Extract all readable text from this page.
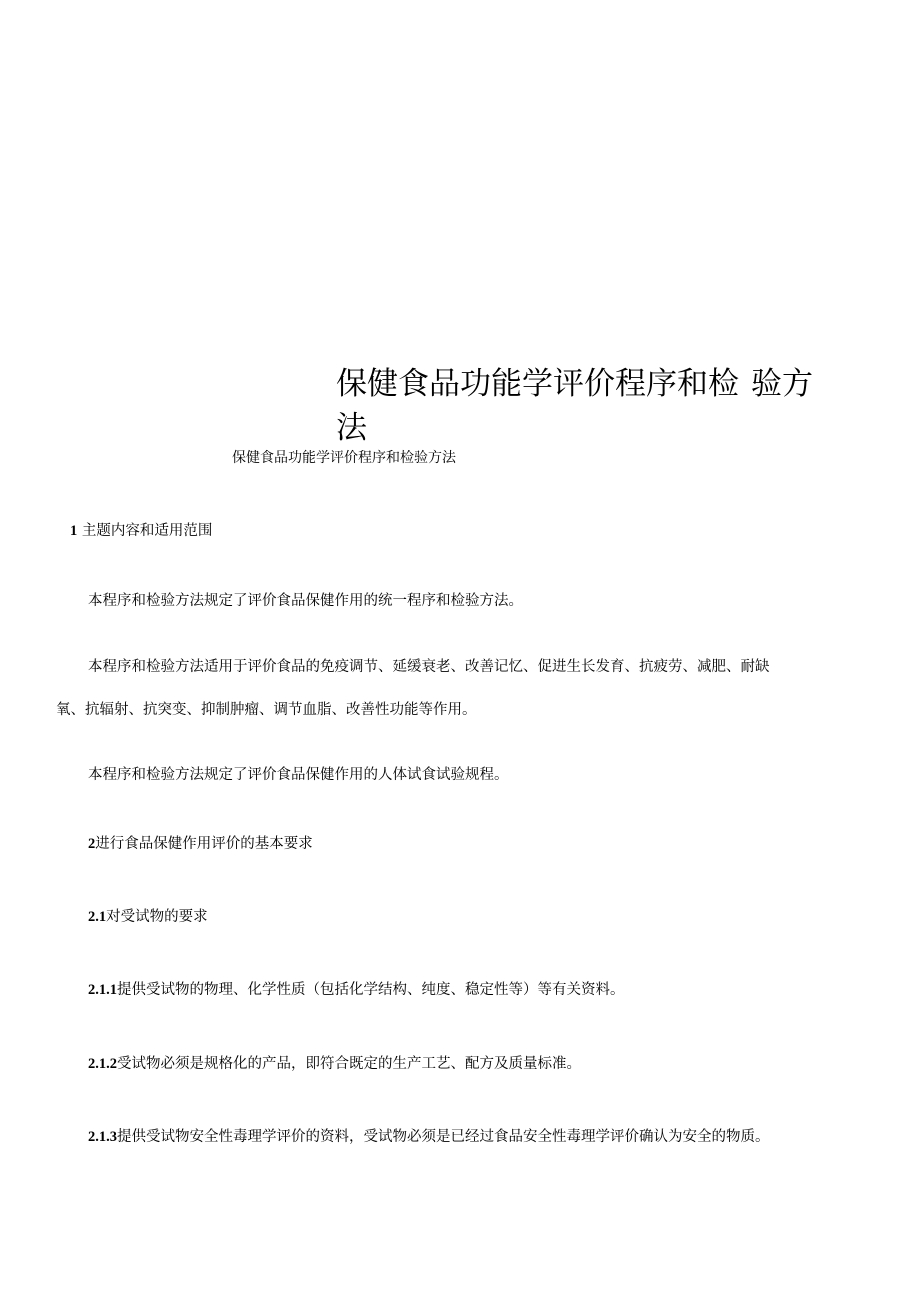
保健食品功能学评价程序和检 验方
法

保健食品功能学评价程序和检验方法

1 主题内容和适用范围

本程序和检验方法规定了评价食品保健作用的统一程序和检验方法。

本程序和检验方法适用于评价食品的免疫调节、延缓衰老、改善记忆、促进生长发育、抗疲劳、减肥、耐缺

氧、抗辐射、抗突变、抑制肿瘤、调节血脂、改善性功能等作用。

本程序和检验方法规定了评价食品保健作用的人体试食试验规程。

2进行食品保健作用评价的基本要求

2.1对受试物的要求

2.1.1提供受试物的物理、化学性质（包括化学结构、纯度、稳定性等）等有关资料。

2.1.2受试物必须是规格化的产品，即符合既定的生产工艺、配方及质量标准。

2.1.3提供受试物安全性毒理学评价的资料，受试物必须是已经过食品安全性毒理学评价确认为安全的物质。
